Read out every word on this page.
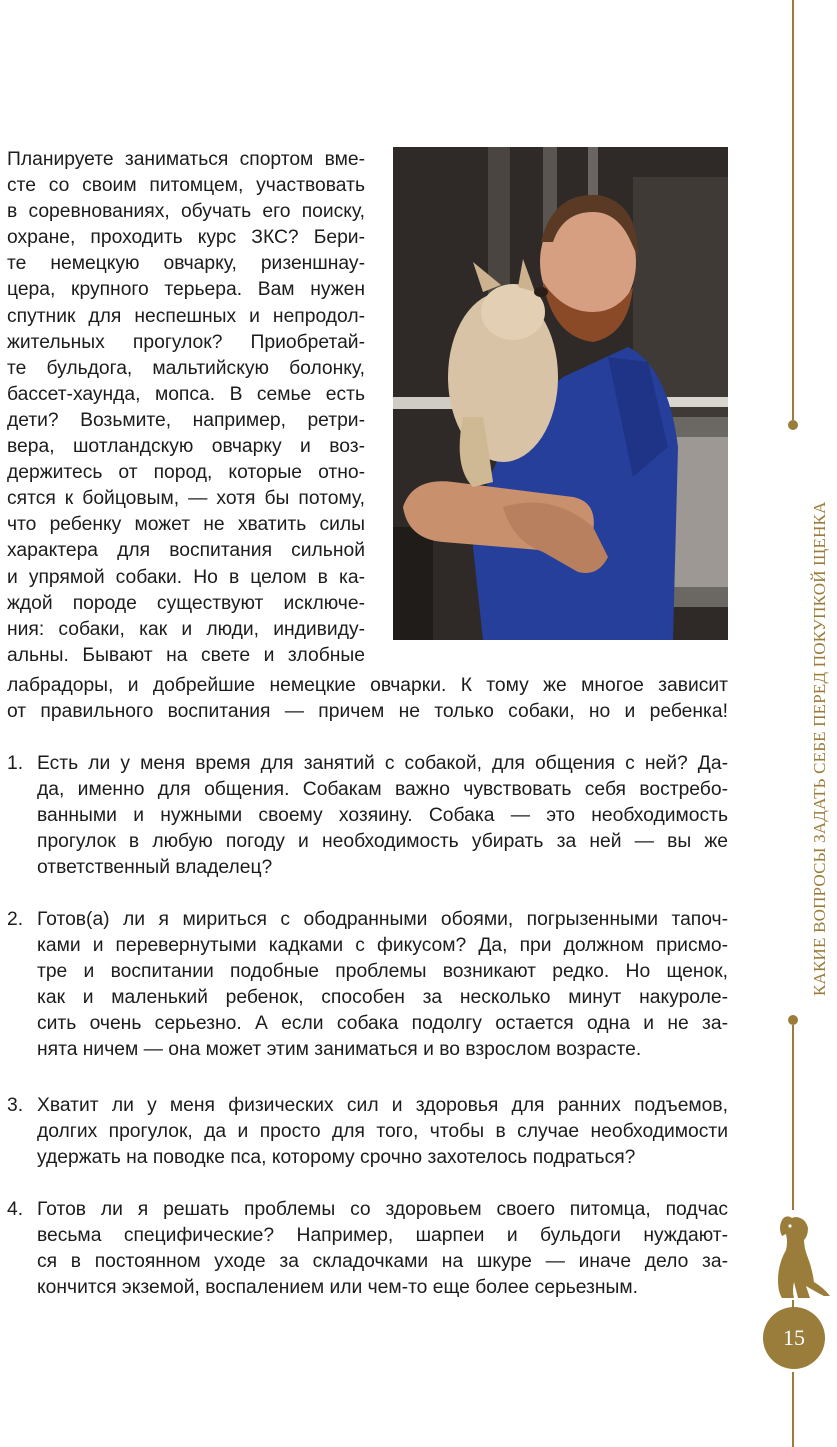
Планируете заниматься спортом вме-
сте со своим питомцем, участвовать
в соревнованиях, обучать его поиску,
охране, проходить курс ЗКС? Бери-
те немецкую овчарку, ризеншнау-
цера, крупного терьера. Вам нужен
спутник для неспешных и непродол-
жительных прогулок? Приобретай-
те бульдога, мальтийскую болонку,
бассет-хаунда, мопса. В семье есть
дети? Возьмите, например, ретри-
вера, шотландскую овчарку и воз-
держитесь от пород, которые отно-
сятся к бойцовым, — хотя бы потому,
что ребенку может не хватить силы
характера для воспитания сильной
и упрямой собаки. Но в целом в ка-
ждой породе существуют исключе-
ния: собаки, как и люди, индивиду-
альны. Бывают на свете и злобные
лабрадоры, и добрейшие немецкие овчарки. К тому же многое зависит
от правильного воспитания — причем не только собаки, но и ребенка!
1. Есть ли у меня время для занятий с собакой, для общения с ней? Да-
да, именно для общения. Собакам важно чувствовать себя востребо-
ванными и нужными своему хозяину. Собака — это необходимость
прогулок в любую погоду и необходимость убирать за ней — вы же
ответственный владелец?
2. Готов(а) ли я мириться с ободранными обоями, погрызенными тапоч-
ками и перевернутыми кадками с фикусом? Да, при должном присмо-
тре и воспитании подобные проблемы возникают редко. Но щенок,
как и маленький ребенок, способен за несколько минут накуроле-
сить очень серьезно. А если собака подолгу остается одна и не за-
нята ничем — она может этим заниматься и во взрослом возрасте.
3. Хватит ли у меня физических сил и здоровья для ранних подъемов,
долгих прогулок, да и просто для того, чтобы в случае необходимости
удержать на поводке пса, которому срочно захотелось подраться?
4. Готов ли я решать проблемы со здоровьем своего питомца, подчас
весьма специфические? Например, шарпеи и бульдоги нуждают-
ся в постоянном уходе за складочками на шкуре — иначе дело за-
кончится экземой, воспалением или чем-то еще более серьезным.
КАКИЕ ВОПРОСЫ ЗАДАТЬ СЕБЕ ПЕРЕД ПОКУПКОЙ ЩЕНКА
15
